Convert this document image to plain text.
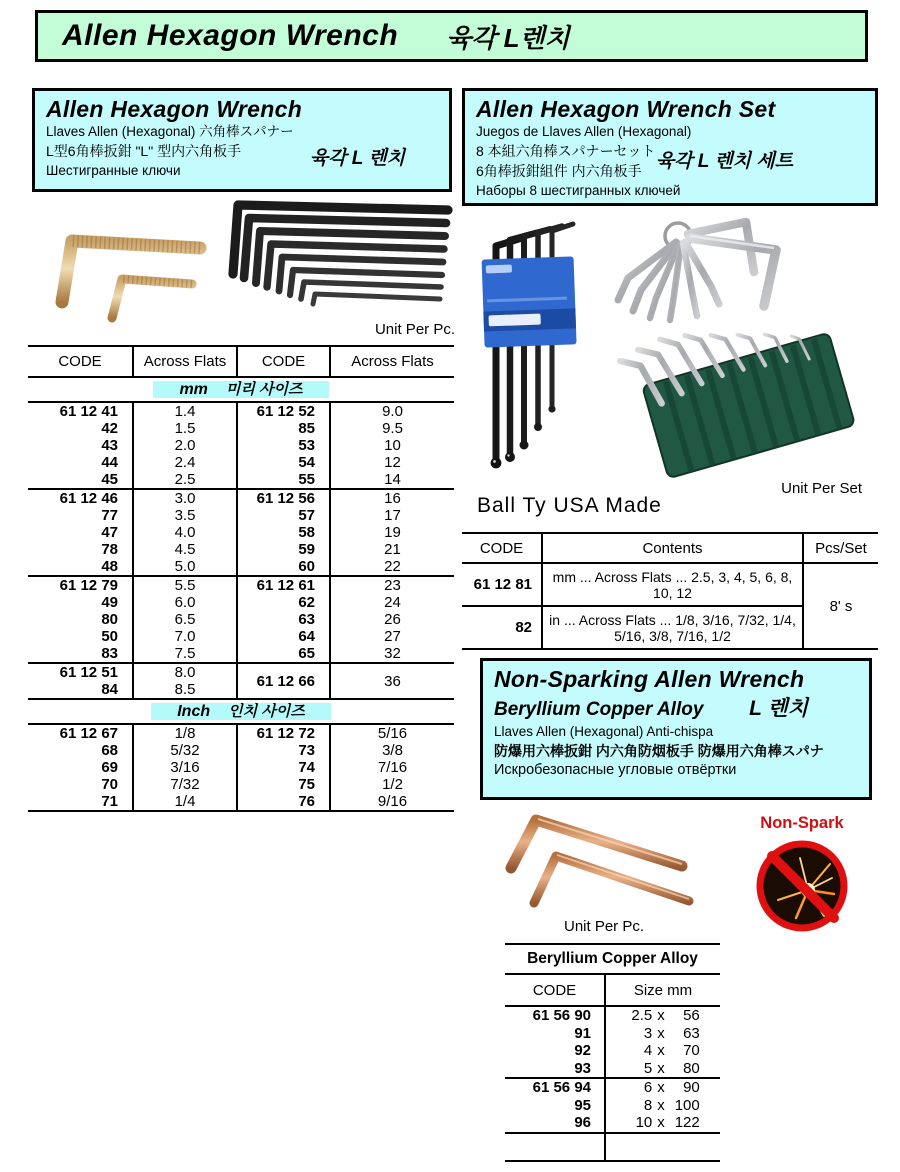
Allen Hexagon Wrench 육각 L렌치
Allen Hexagon Wrench
Llaves Allen (Hexagonal) 六角棒スパナー
L型6角棒扳鉗 "L" 型内六角板手
Шестигранные ключи
육각 L 렌치
Allen Hexagon Wrench Set
Juegos de Llaves Allen (Hexagonal)
8 本組六角棒スパナーセット
6角棒扳鉗組件 内六角板手
Наборы 8 шестигранных ключей
육각 L 렌치 세트
Unit Per Pc.
CODE	Across Flats	CODE	Across Flats
mm 미리 사이즈			
61 12 41	1.4	61 12 52	9.0
42	1.5	85	9.5
43	2.0	53	10
44	2.4	54	12
45	2.5	55	14
61 12 46	3.0	61 12 56	16
77	3.5	57	17
47	4.0	58	19
78	4.5	59	21
48	5.0	60	22
61 12 79	5.5	61 12 61	23
49	6.0	62	24
80	6.5	63	26
50	7.0	64	27
83	7.5	65	32
61 12 51	8.0	61 12 66	36
84	8.5		
Inch 인치 사이즈			
61 12 67	1/8	61 12 72	5/16
68	5/32	73	3/8
69	3/16	74	7/16
70	7/32	75	1/2
71	1/4	76	9/16
Unit Per Set
Ball Ty USA Made
CODE	Contents	Pcs/Set
61 12 81	mm ... Across Flats ... 2.5, 3, 4, 5, 6, 8, 10, 12	8' s
82	in ... Across Flats ... 1/8, 3/16, 7/32, 1/4, 5/16, 3/8, 7/16, 1/2	
Non-Sparking Allen Wrench
Beryllium Copper Alloy L 렌치
Llaves Allen (Hexagonal) Anti-chispa
防爆用六棒扳鉗 内六角防烟板手 防爆用六角棒スパナ
Искробезопасные угловые отвёртки
Non-Spark
Unit Per Pc.
Beryllium Copper Alloy	
CODE	Size mm
61 56 90	2.5 x 56

91	3 x 63

92	4 x 70

93	5 x 80

61 56 94	6 x 90

95	8 x 100

96	10 x 122
